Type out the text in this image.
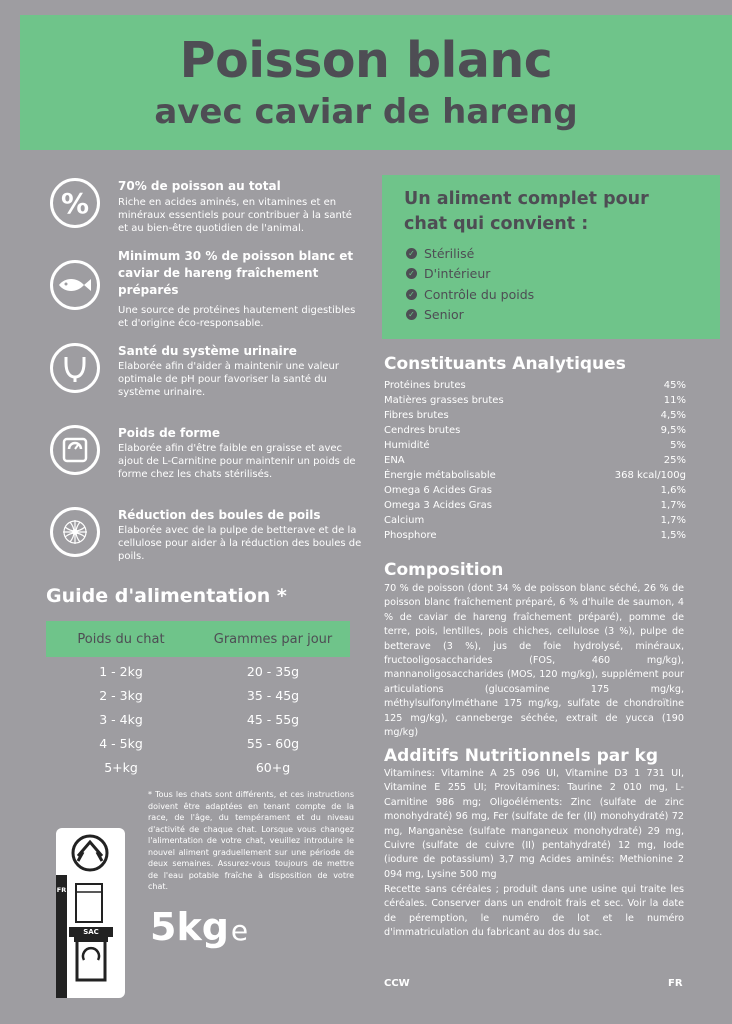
Poisson blanc
avec caviar de hareng
%
70% de poisson au total
Riche en acides aminés, en vitamines et en minéraux essentiels pour contribuer à la santé et au bien-être quotidien de l'animal.
Minimum 30 % de poisson blanc et caviar de hareng fraîchement préparés
Une source de protéines hautement digestibles et d'origine éco-responsable.
Santé du système urinaire
Elaborée afin d'aider à maintenir une valeur optimale de pH pour favoriser la santé du système urinaire.
Poids de forme
Elaborée afin d'être faible en graisse et avec ajout de L-Carnitine pour maintenir un poids de forme chez les chats stérilisés.
Réduction des boules de poils
Elaborée avec de la pulpe de betterave et de la cellulose pour aider à la réduction des boules de poils.
Un aliment complet pour chat qui convient :
✓ Stérilisé
✓ D'intérieur
✓ Contrôle du poids
✓ Senior
Constituants Analytiques
Protéines brutes	45%
Matières grasses brutes	11%
Fibres brutes	4,5%
Cendres brutes	9,5%
Humidité	5%
ENA	25%
Énergie métabolisable	368 kcal/100g
Omega 6 Acides Gras	1,6%
Omega 3 Acides Gras	1,7%
Calcium	1,7%
Phosphore	1,5%
Composition
70 % de poisson (dont 34 % de poisson blanc séché, 26 % de poisson blanc fraîchement préparé, 6 % d'huile de saumon, 4 % de caviar de hareng fraîchement préparé), pomme de terre, pois, lentilles, pois chiches, cellulose (3 %), pulpe de betterave (3 %), jus de foie hydrolysé, minéraux, fructooligosaccharides (FOS, 460 mg/kg), mannanoligosaccharides (MOS, 120 mg/kg), supplément pour articulations (glucosamine 175 mg/kg, méthylsulfonylméthane 175 mg/kg, sulfate de chondroïtine 125 mg/kg), canneberge séchée, extrait de yucca (190 mg/kg)
Additifs Nutritionnels par kg
Vitamines: Vitamine A 25 096 UI, Vitamine D3 1 731 UI, Vitamine E 255 UI; Provitamines: Taurine 2 010 mg, L-Carnitine 986 mg; Oligoéléments: Zinc (sulfate de zinc monohydraté) 96 mg, Fer (sulfate de fer (II) monohydraté) 72 mg, Manganèse (sulfate manganeux monohydraté) 29 mg, Cuivre (sulfate de cuivre (II) pentahydraté) 12 mg, Iode (iodure de potassium) 3,7 mg Acides aminés: Methionine 2 094 mg, Lysine 500 mg
Recette sans céréales ; produit dans une usine qui traite les céréales. Conserver dans un endroit frais et sec. Voir la date de péremption, le numéro de lot et le numéro d'immatriculation du fabricant au dos du sac.
Guide d'alimentation *
Poids du chat	Grammes par jour
1 - 2kg	20 - 35g
2 - 3kg	35 - 45g
3 - 4kg	45 - 55g
4 - 5kg	55 - 60g
5+kg	60+g
* Tous les chats sont différents, et ces instructions doivent être adaptées en tenant compte de la race, de l'âge, du tempérament et du niveau d'activité de chaque chat. Lorsque vous changez l'alimentation de votre chat, veuillez introduire le nouvel aliment graduellement sur une période de deux semaines. Assurez-vous toujours de mettre de l'eau potable fraîche à disposition de votre chat.
FR
SAC	5kge
CCW	FR
